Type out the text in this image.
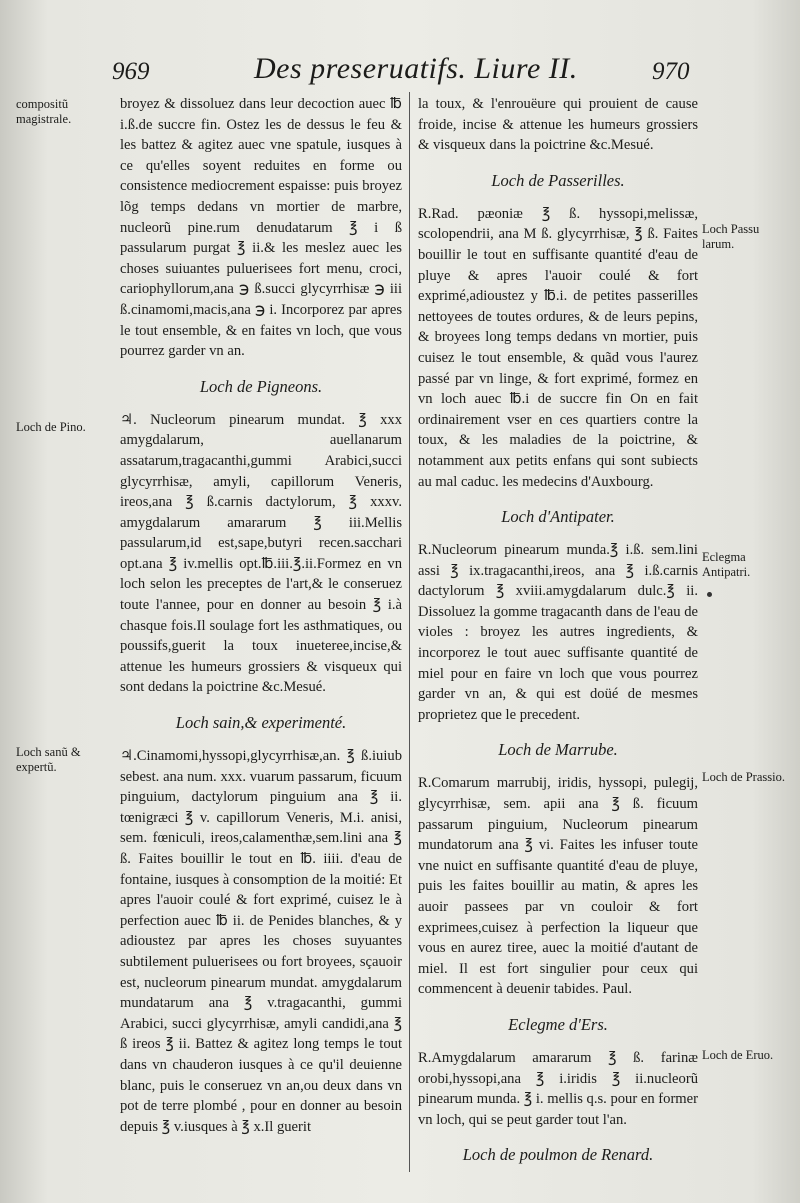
969	Des preseruatifs. Liure II.	970

broyez & dissoluez dans leur decoction auec ℔ i.ß.de succre fin. Ostez les de dessus le feu & les battez & agitez auec vne spatule, iusques à ce qu'elles soyent reduites en forme ou consistence mediocrement espaisse: puis broyez lõg temps dedans vn mortier de marbre, nucleorũ pine.rum denudatarum ℥ i ß passularum purgat ℥ ii.& les meslez auec les choses suiuantes puluerisees fort menu, croci, cariophyllorum,ana ℈ ß.succi glycyrrhisæ ℈ iii ß.cinamomi,macis,ana ℈ i. Incorporez par apres le tout ensemble, & en faites vn loch, que vous pourrez garder vn an.

Loch de Pigneons.

♃. Nucleorum pinearum mundat. ℥ xxx amygdalarum, auellanarum assatarum,tragacanthi,gummi Arabici,succi glycyrrhisæ, amyli, capillorum Veneris, ireos,ana ℥ ß.carnis dactylorum, ℥ xxxv. amygdalarum amararum ℥ iii.Mellis passularum,id est,sape,butyri recen.sacchari opt.ana ℥ iv.mellis opt.℔.iii.℥.ii.Formez en vn loch selon les preceptes de l'art,& le conseruez toute l'annee, pour en donner au besoin ℥ i.à chasque fois.Il soulage fort les asthmatiques, ou poussifs,guerit la toux inueteree,incise,& attenue les humeurs grossiers & visqueux qui sont dedans la poictrine &c.Mesué.

Loch sain,& experimenté.

♃.Cinamomi,hyssopi,glycyrrhisæ,an. ℥ ß.iuiub sebest. ana num. xxx. vuarum passarum, ficuum pinguium, dactylorum pinguium ana ℥ ii. tœnigræci ℥ v. capillorum Veneris, M.i. anisi, sem. fœniculi, ireos,calamenthæ,sem.lini ana ℥ ß. Faites bouillir le tout en ℔. iiii. d'eau de fontaine, iusques à consomption de la moitié: Et apres l'auoir coulé & fort exprimé, cuisez le à perfection auec ℔ ii. de Penides blanches, & y adioustez par apres les choses suyuantes subtilement puluerisees ou fort broyees, sçauoir est, nucleorum pinearum mundat. amygdalarum mundatarum ana ℥ v.tragacanthi, gummi Arabici, succi glycyrrhisæ, amyli candidi,ana ℥ ß ireos ℥ ii. Battez & agitez long temps le tout dans vn chauderon iusques à ce qu'il deuienne blanc, puis le conseruez vn an,ou deux dans vn pot de terre plombé , pour en donner au besoin depuis ℥ v.iusques à ℥ x.Il guerit

la toux, & l'enrouëure qui prouient de cause froide, incise & attenue les humeurs grossiers & visqueux dans la poictrine &c.Mesué.

Loch de Passerilles.

R.Rad. pæoniæ ℥ ß. hyssopi,melissæ, scolopendrii, ana M ß. glycyrrhisæ, ℥ ß. Faites bouillir le tout en suffisante quantité d'eau de pluye & apres l'auoir coulé & fort exprimé,adioustez y ℔.i. de petites passerilles nettoyees de toutes ordures, & de leurs pepins, & broyees long temps dedans vn mortier, puis cuisez le tout ensemble, & quãd vous l'aurez passé par vn linge, & fort exprimé, formez en vn loch auec ℔.i de succre fin On en fait ordinairement vser en ces quartiers contre la toux, & les maladies de la poictrine, & notamment aux petits enfans qui sont subiects au mal caduc. les medecins d'Auxbourg.

Loch d'Antipater.

R.Nucleorum pinearum munda.℥ i.ß. sem.lini assi ℥ ix.tragacanthi,ireos, ana ℥ i.ß.carnis dactylorum ℥ xviii.amygdalarum dulc.℥ ii. Dissoluez la gomme tragacanth dans de l'eau de violes : broyez les autres ingredients, & incorporez le tout auec suffisante quantité de miel pour en faire vn loch que vous pourrez garder vn an, & qui est doüé de mesmes proprietez que le precedent.

Loch de Marrube.

R.Comarum marrubij, iridis, hyssopi, pulegij, glycyrrhisæ, sem. apii ana ℥ ß. ficuum passarum pinguium, Nucleorum pinearum mundatorum ana ℥ vi. Faites les infuser toute vne nuict en suffisante quantité d'eau de pluye, puis les faites bouillir au matin, & apres les auoir passees par vn couloir & fort exprimees,cuisez à perfection la liqueur que vous en aurez tiree, auec la moitié d'autant de miel. Il est fort singulier pour ceux qui commencent à deuenir tabides. Paul.

Eclegme d'Ers.

R.Amygdalarum amararum ℥ ß. farinæ orobi,hyssopi,ana ℥ i.iridis ℥ ii.nucleorũ pinearum munda. ℥ i. mellis q.s. pour en former vn loch, qui se peut garder tout l'an.

Loch de poulmon de Renard.

compositũ magistrale.
Loch de Pino.
Loch sanũ & expertũ.
Loch Passu larum.
Eclegma Antipatri.
Loch de Prassio.
Loch de Eruo.
